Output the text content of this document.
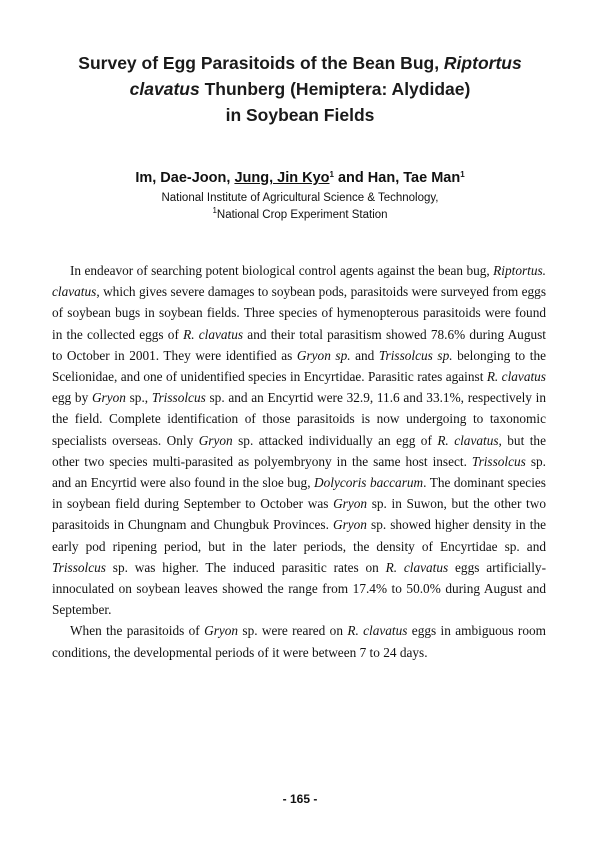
Survey of Egg Parasitoids of the Bean Bug, Riptortus
clavatus Thunberg (Hemiptera: Alydidae)
in Soybean Fields
Im, Dae-Joon, Jung, Jin Kyo$^1$ and Han, Tae Man$^1$
National Institute of Agricultural Science & Technology,
$^1$National Crop Experiment Station

In endeavor of searching potent biological control agents against the bean bug, Riptortus. clavatus, which gives severe damages to soybean pods, parasitoids were surveyed from eggs of soybean bugs in soybean fields. Three species of hymenopterous parasitoids were found in the collected eggs of R. clavatus and their total parasitism showed 78.6% during August to October in 2001. They were identified as Gryon sp. and Trissolcus sp. belonging to the Scelionidae, and one of unidentified species in Encyrtidae. Parasitic rates against R. clavatus egg by Gryon sp., Trissolcus sp. and an Encyrtid were 32.9, 11.6 and 33.1%, respectively in the field. Complete identification of those parasitoids is now undergoing to taxonomic specialists overseas. Only Gryon sp. attacked individually an egg of R. clavatus, but the other two species multi-parasited as polyembryony in the same host insect. Trissolcus sp. and an Encyrtid were also found in the sloe bug, Dolycoris baccarum. The dominant species in soybean field during September to October was Gryon sp. in Suwon, but the other two parasitoids in Chungnam and Chungbuk Provinces. Gryon sp. showed higher density in the early pod ripening period, but in the later periods, the density of Encyrtidae sp. and Trissolcus sp. was higher. The induced parasitic rates on R. clavatus eggs artificially-innoculated on soybean leaves showed the range from 17.4% to 50.0% during August and September.

When the parasitoids of Gryon sp. were reared on R. clavatus eggs in ambiguous room conditions, the developmental periods of it were between 7 to 24 days.

- 165 -
